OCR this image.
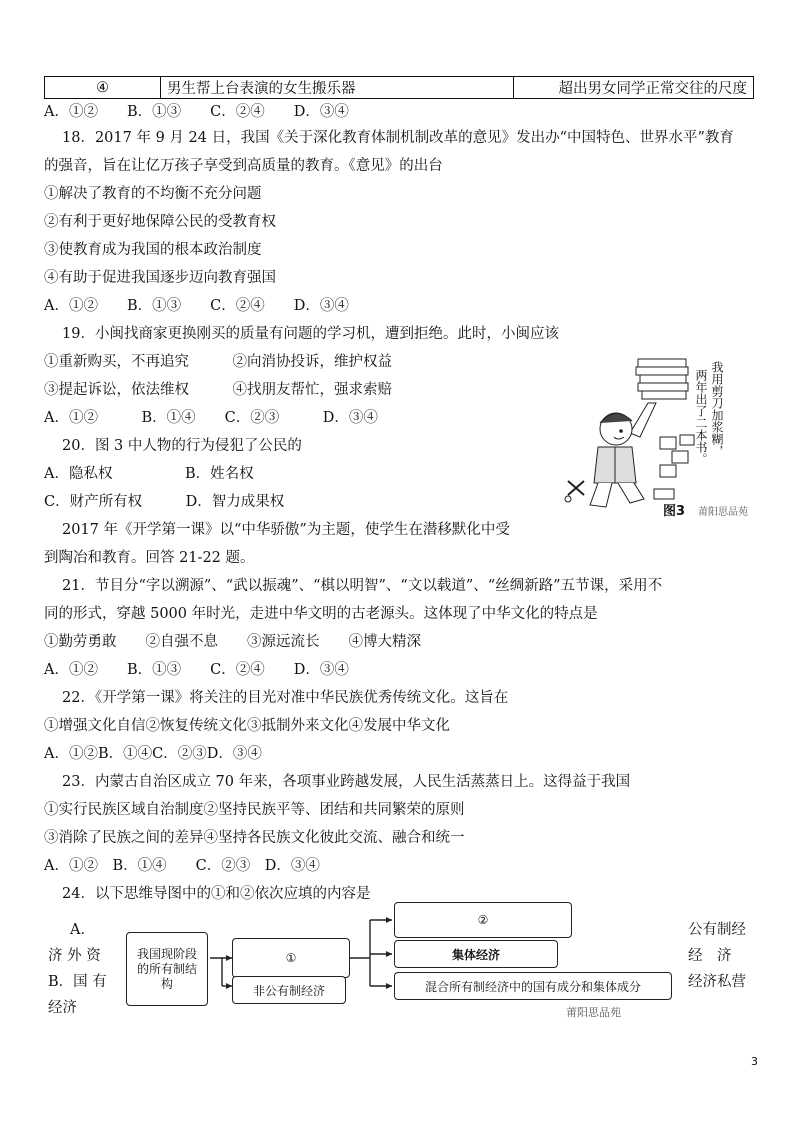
④	男生帮上台表演的女生搬乐器	超出男女同学正常交往的尺度
A．①②　　B．①③　　C．②④　　D．③④
18．2017 年 9 月 24 日，我国《关于深化教育体制机制改革的意见》发出办“中国特色、世界水平”教育
的强音，旨在让亿万孩子享受到高质量的教育。《意见》的出台
①解决了教育的不均衡不充分问题
②有利于更好地保障公民的受教育权
③使教育成为我国的根本政治制度
④有助于促进我国逐步迈向教育强国
A．①②　　B．①③　　C．②④　　D．③④
19．小闽找商家更换刚买的质量有问题的学习机，遭到拒绝。此时，小闽应该
①重新购买，不再追究　　　②向消协投诉，维护权益
③提起诉讼，依法维权　　　④找朋友帮忙，强求索赔
A．①②　　　B．①④　　C．②③　　　D．③④
20．图 3 中人物的行为侵犯了公民的
A．隐私权　　　　　B．姓名权
C．财产所有权　　　D．智力成果权
我用剪刀加浆糊，
两年出了二本书。
图3 莆阳思品苑
2017 年《开学第一课》以“中华骄傲”为主题，使学生在潜移默化中受
到陶冶和教育。回答 21-22 题。
21．节目分“字以溯源”、“武以振魂”、“棋以明智”、“文以载道”、“丝绸新路”五节课，采用不
同的形式，穿越 5000 年时光，走进中华文明的古老源头。这体现了中华文化的特点是
①勤劳勇敢　　②自强不息　　③源远流长　　④博大精深
A．①②　　B．①③　　C．②④　　D．③④
22．《开学第一课》将关注的目光对准中华民族优秀传统文化。这旨在
①增强文化自信②恢复传统文化③抵制外来文化④发展中华文化
A．①②B．①④C．②③D．③④
23．内蒙古自治区成立 70 年来，各项事业跨越发展，人民生活蒸蒸日上。这得益于我国
①实行民族区域自治制度②坚持民族平等、团结和共同繁荣的原则
③消除了民族之间的差异④坚持各民族文化彼此交流、融合和统一
A．①②　B．①④　　C．②③　D．③④
24．以下思维导图中的①和②依次应填的内容是
A．
济 外 资
B．国 有
经济
公有制经
经　济
经济私营
我国现阶段的所有制结构
①
非公有制经济
②
集体经济
混合所有制经济中的国有成分和集体成分
莆阳思品苑
3
